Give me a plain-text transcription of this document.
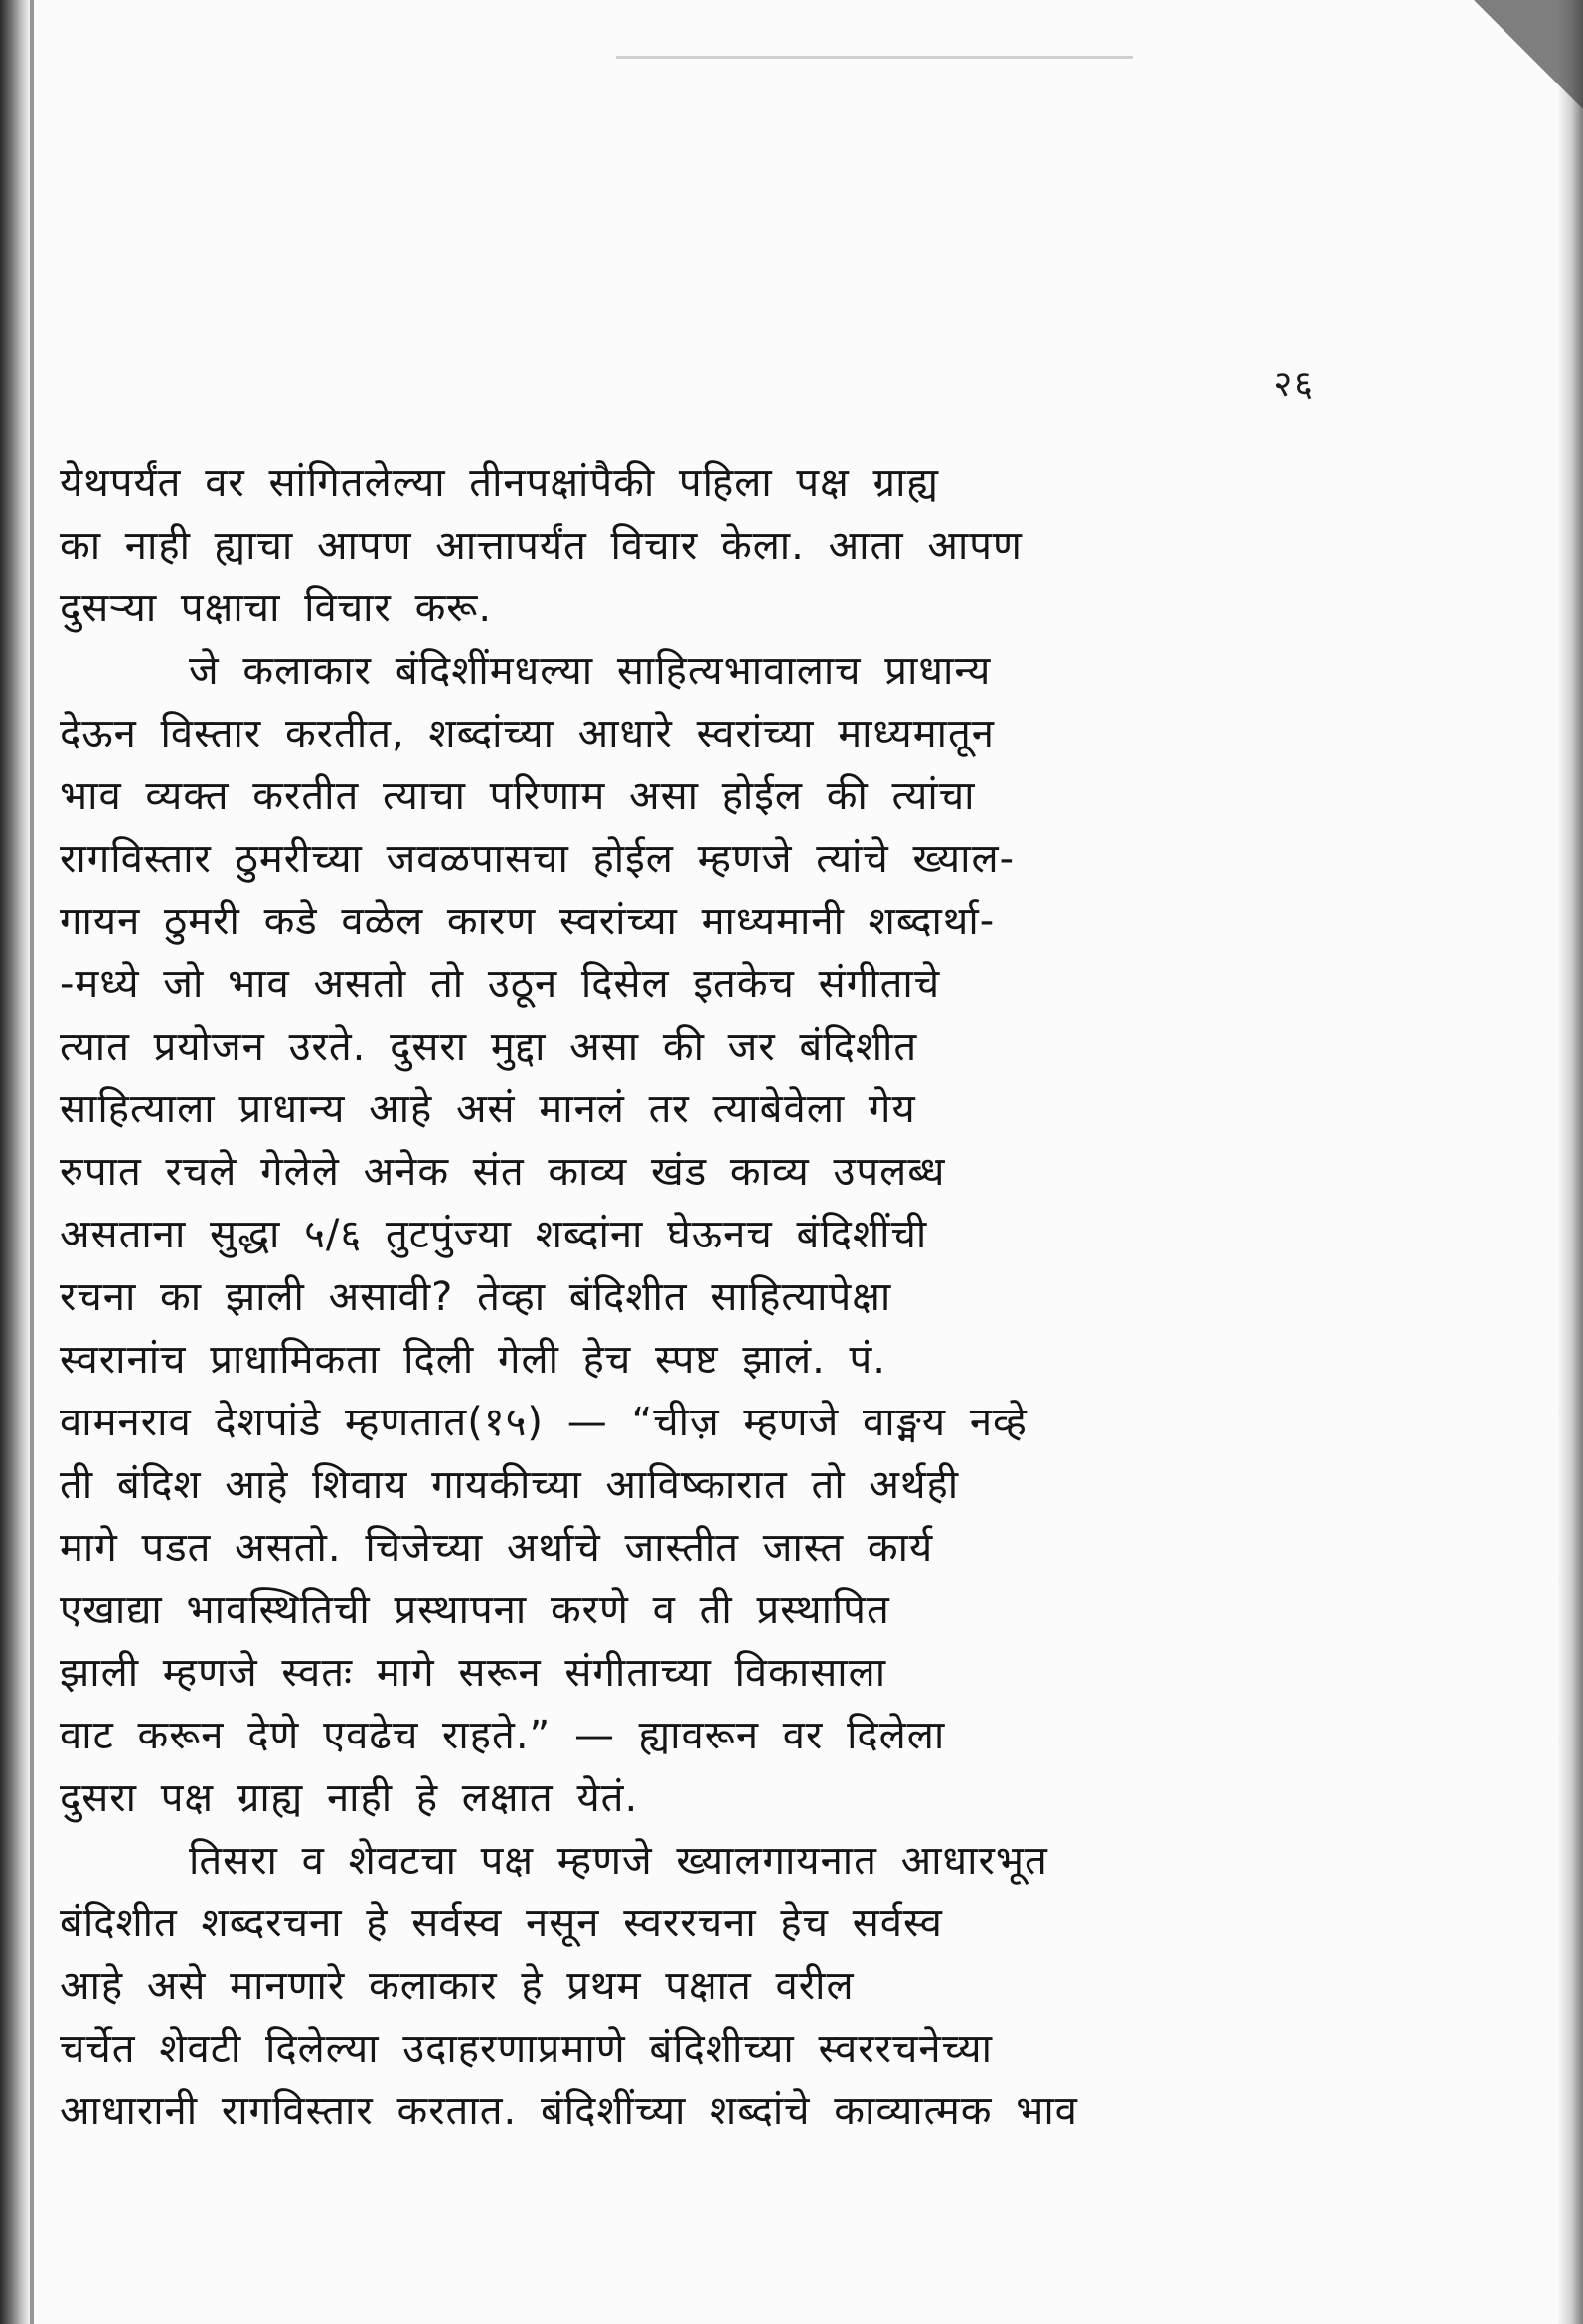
२६
येथपर्यंत वर सांगितलेल्या तीनपक्षांपैकी पहिला पक्ष ग्राह्य
का नाही ह्याचा आपण आत्तापर्यंत विचार केला. आता आपण
दुसऱ्या पक्षाचा विचार करू.
जे कलाकार बंदिशींमधल्या साहित्यभावालाच प्राधान्य
देऊन विस्तार करतीत, शब्दांच्या आधारे स्वरांच्या माध्यमातून
भाव व्यक्त करतीत त्याचा परिणाम असा होईल की त्यांचा
रागविस्तार ठुमरीच्या जवळपासचा होईल म्हणजे त्यांचे ख्याल-
गायन ठुमरी कडे वळेल कारण स्वरांच्या माध्यमानी शब्दार्था-
-मध्ये जो भाव असतो तो उठून दिसेल इतकेच संगीताचे
त्यात प्रयोजन उरते. दुसरा मुद्दा असा की जर बंदिशीत
साहित्याला प्राधान्य आहे असं मानलं तर त्याबेवेला गेय
रुपात रचले गेलेले अनेक संत काव्य खंड काव्य उपलब्ध
असताना सुद्धा ५/६ तुटपुंज्या शब्दांना घेऊनच बंदिशींची
रचना का झाली असावी? तेव्हा बंदिशीत साहित्यापेक्षा
स्वरानांच प्राधामिकता दिली गेली हेच स्पष्ट झालं. पं.
वामनराव देशपांडे म्हणतात(१५) — “चीज़ म्हणजे वाङ्मय नव्हे
ती बंदिश आहे शिवाय गायकीच्या आविष्कारात तो अर्थही
मागे पडत असतो. चिजेच्या अर्थाचे जास्तीत जास्त कार्य
एखाद्या भावस्थितिची प्रस्थापना करणे व ती प्रस्थापित
झाली म्हणजे स्वतः मागे सरून संगीताच्या विकासाला
वाट करून देणे एवढेच राहते.” — ह्यावरून वर दिलेला
दुसरा पक्ष ग्राह्य नाही हे लक्षात येतं.
तिसरा व शेवटचा पक्ष म्हणजे ख्यालगायनात आधारभूत
बंदिशीत शब्दरचना हे सर्वस्व नसून स्वररचना हेच सर्वस्व
आहे असे मानणारे कलाकार हे प्रथम पक्षात वरील
चर्चेत शेवटी दिलेल्या उदाहरणाप्रमाणे बंदिशीच्या स्वररचनेच्या
आधारानी रागविस्तार करतात. बंदिशींच्या शब्दांचे काव्यात्मक भाव
